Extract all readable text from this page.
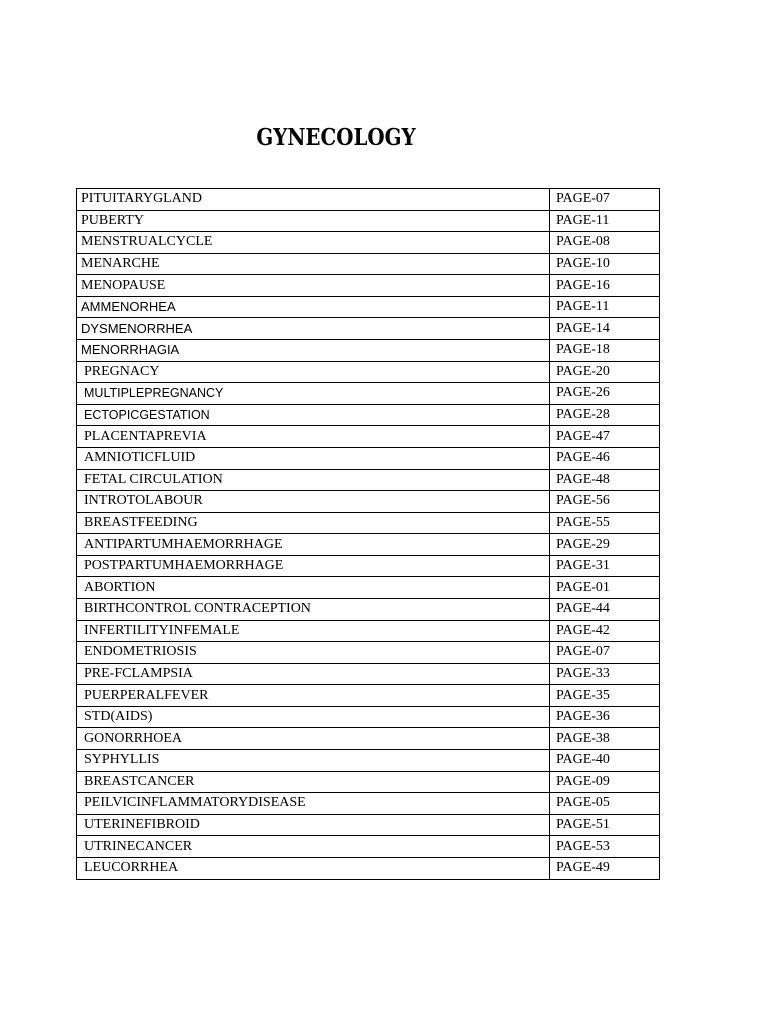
GYNECOLOGY
PITUITARYGLAND	PAGE-07
PUBERTY	PAGE-11
MENSTRUALCYCLE	PAGE-08
MENARCHE	PAGE-10
MENOPAUSE	PAGE-16
AMMENORHEA	PAGE-11
DYSMENORRHEA	PAGE-14
MENORRHAGIA	PAGE-18
PREGNACY	PAGE-20
MULTIPLEPREGNANCY	PAGE-26
ECTOPICGESTATION	PAGE-28
PLACENTAPREVIA	PAGE-47
AMNIOTICFLUID	PAGE-46
FETAL CIRCULATION	PAGE-48
INTROTOLABOUR	PAGE-56
BREASTFEEDING	PAGE-55
ANTIPARTUMHAEMORRHAGE	PAGE-29
POSTPARTUMHAEMORRHAGE	PAGE-31
ABORTION	PAGE-01
BIRTHCONTROL CONTRACEPTION	PAGE-44
INFERTILITYINFEMALE	PAGE-42
ENDOMETRIOSIS	PAGE-07
PRE-FCLAMPSIA	PAGE-33
PUERPERALFEVER	PAGE-35
STD(AIDS)	PAGE-36
GONORRHOEA	PAGE-38
SYPHYLLIS	PAGE-40
BREASTCANCER	PAGE-09
PEILVICINFLAMMATORYDISEASE	PAGE-05
UTERINEFIBROID	PAGE-51
UTRINECANCER	PAGE-53
LEUCORRHEA	PAGE-49
